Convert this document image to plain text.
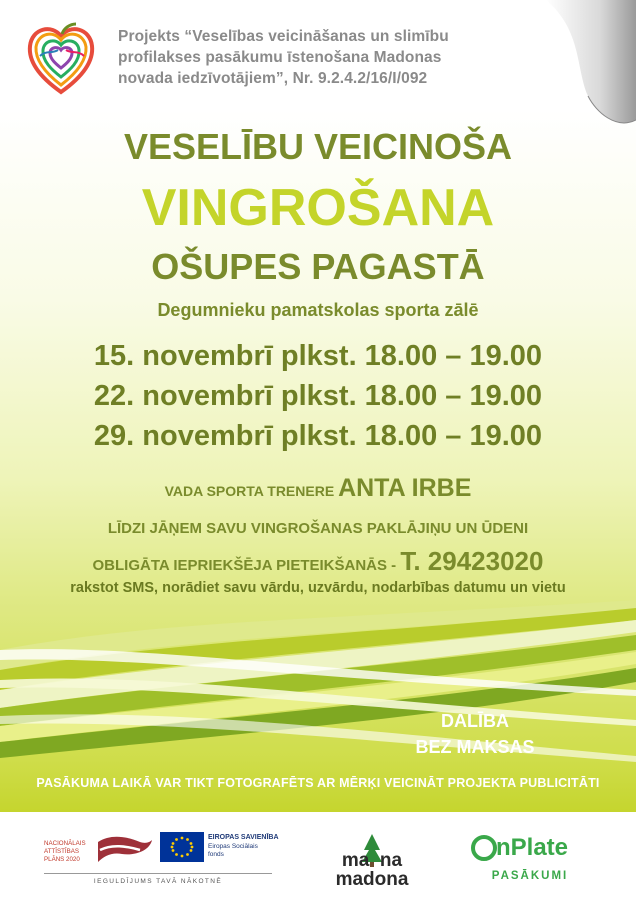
Projekts “Veselības veicināšanas un slimību
profilakses pasākumu īstenošana Madonas
novada iedzīvotājiem”, Nr. 9.2.4.2/16/I/092
VESELĪBU VEICINOŠA
VINGROŠANA
OŠUPES PAGASTĀ
Degumnieku pamatskolas sporta zālē
15. novembrī plkst. 18.00 – 19.00
22. novembrī plkst. 18.00 – 19.00
29. novembrī plkst. 18.00 – 19.00
VADA SPORTA TRENERE ANTA IRBE
LĪDZI JĀŅEM SAVU VINGROŠANAS PAKLĀJIŅU UN ŪDENI
OBLIGĀTA IEPRIEKŠĒJA PIETEIKŠANĀS - T. 29423020
rakstot SMS, norādiet savu vārdu, uzvārdu, nodarbības datumu un vietu
DALĪBA
BEZ MAKSAS
PASĀKUMA LAIKĀ VAR TIKT FOTOGRAFĒTS AR MĒRĶI VEICINĀT PROJEKTA PUBLICITĀTI
NACIONĀLAIS
ATTĪSTĪBAS
PLĀNS 2020
EIROPAS SAVIENĪBA
Eiropas Sociālais
fonds
IEGULDĪJUMS TAVĀ NĀKOTNĒ
ma  na
madona
nPlate
PASĀKUMI
